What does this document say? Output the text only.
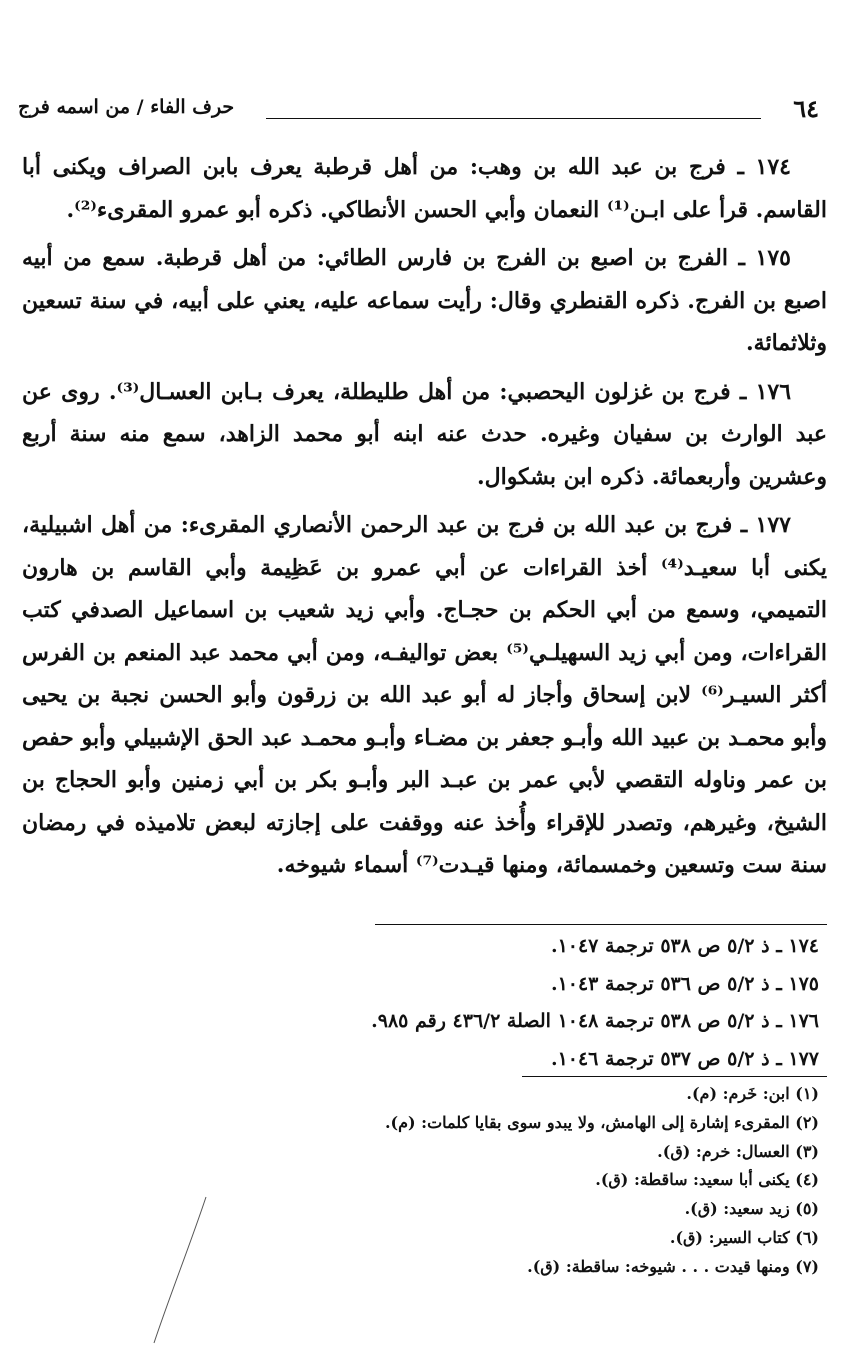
٦٤
حرف الفاء / من اسمه فرج

١٧٤ ـ فرج بن عبد الله بن وهب: من أهل قرطبة يعرف بابن الصراف ويكنى أبا القاسم. قرأ على ابـن⁽¹⁾ النعمان وأبي الحسن الأنطاكي. ذكره أبو عمرو المقرىء⁽²⁾.

١٧٥ ـ الفرج بن اصبع بن الفرج بن فارس الطائي: من أهل قرطبة. سمع من أبيه اصبع بن الفرج. ذكره القنطري وقال: رأيت سماعه عليه، يعني على أبيه، في سنة تسعين وثلاثمائة.

١٧٦ ـ فرج بن غزلون اليحصبي: من أهل طليطلة، يعرف بـابن العسـال⁽³⁾. روى عن عبد الوارث بن سفيان وغيره. حدث عنه ابنه أبو محمد الزاهد، سمع منه سنة أربع وعشرين وأربعمائة. ذكره ابن بشكوال.

١٧٧ ـ فرج بن عبد الله بن فرج بن عبد الرحمن الأنصاري المقرىء: من أهل اشبيلية، يكنى أبا سعيـد⁽⁴⁾ أخذ القراءات عن أبي عمرو بن عَظِيمة وأبي القاسم بن هارون التميمي، وسمع من أبي الحكم بن حجـاج. وأبي زيد شعيب بن اسماعيل الصدفي كتب القراءات، ومن أبي زيد السهيلـي⁽⁵⁾ بعض تواليفـه، ومن أبي محمد عبد المنعم بن الفرس أكثر السيـر⁽⁶⁾ لابن إسحاق وأجاز له أبو عبد الله بن زرقون وأبو الحسن نجبة بن يحيى وأبو محمـد بن عبيد الله وأبـو جعفر بن مضـاء وأبـو محمـد عبد الحق الإشبيلي وأبو حفص بن عمر وناوله التقصي لأبي عمر بن عبـد البر وأبـو بكر بن أبي زمنين وأبو الحجاج بن الشيخ، وغيرهم، وتصدر للإقراء وأُخذ عنه ووقفت على إجازته لبعض تلاميذه في رمضان سنة ست وتسعين وخمسمائة، ومنها قيـدت⁽⁷⁾ أسماء شيوخه.

١٧٤ ـ ذ ٥/٢ ص ٥٣٨ ترجمة ١٠٤٧.
١٧٥ ـ ذ ٥/٢ ص ٥٣٦ ترجمة ١٠٤٣.
١٧٦ ـ ذ ٥/٢ ص ٥٣٨ ترجمة ١٠٤٨ الصلة ٤٣٦/٢ رقم ٩٨٥.
١٧٧ ـ ذ ٥/٢ ص ٥٣٧ ترجمة ١٠٤٦.
(١) ابن: خَرم: (م).
(٢) المقرىء إشارة إلى الهامش، ولا يبدو سوى بقايا كلمات: (م).
(٣) العسال: خرم: (ق).
(٤) يكنى أبا سعيد: ساقطة: (ق).
(٥) زيد سعيد: (ق).
(٦) كتاب السير: (ق).
(٧) ومنها قيدت . . . شيوخه: ساقطة: (ق).
